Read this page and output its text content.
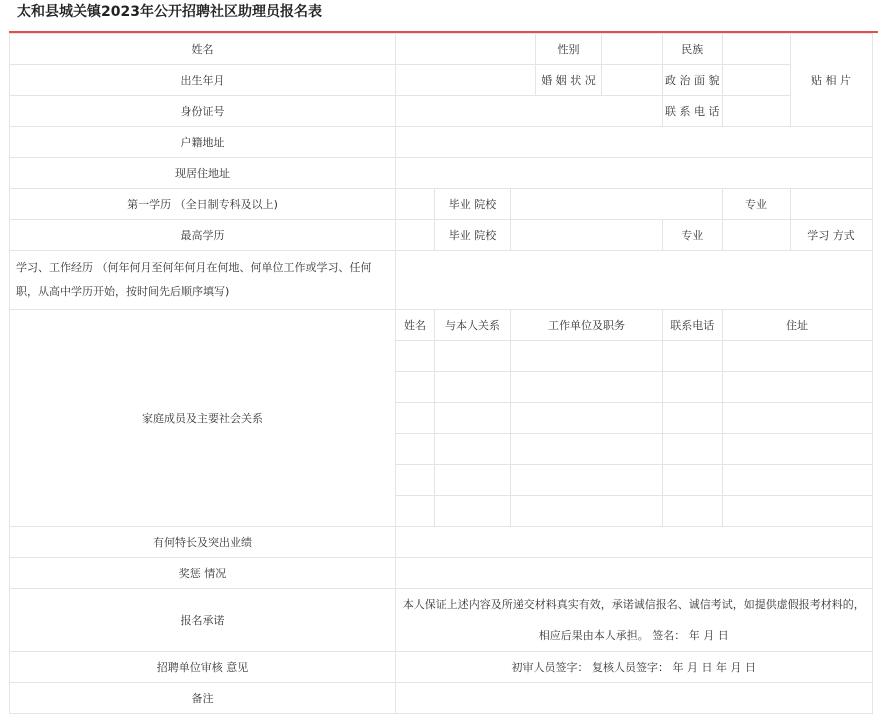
太和县城关镇2023年公开招聘社区助理员报名表
姓名				性别		民族		贴 相 片
出生年月				婚 姻 状 况		政 治 面 貌		
身份证号						联 系 电 话		
户籍地址								
现居住地址								
第一学历 （全日制专科及以上)		毕业 院校					专业	
最高学历		毕业 院校				专业		学习 方式
学习、工作经历 （何年何月至何年何月在何地、何单位工作或学习、任何职，从高中学历开始，按时间先后顺序填写)								
家庭成员及主要社会关系	姓名	与本人关系	工作单位及职务			联系电话	住址	

有何特长及突出业绩								
奖惩 情况								
报名承诺	本人保证上述内容及所递交材料真实有效，承诺诚信报名、诚信考试，如提供虚假报考材料的，相应后果由本人承担。 签名： 年 月 日							
招聘单位审核 意见	初审人员签字： 复核人员签字： 年 月 日 年 月 日							
备注								
